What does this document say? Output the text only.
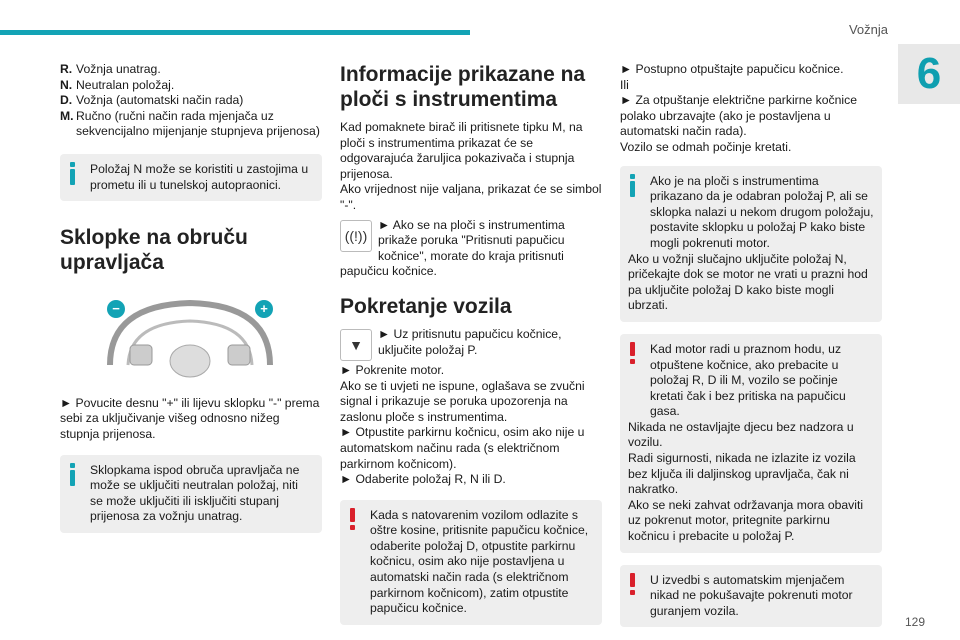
Vožnja
6
129
R. Vožnja unatrag.
N. Neutralan položaj.
D. Vožnja (automatski način rada)
M. Ručno (ručni način rada mjenjača uz sekvencijalno mijenjanje stupnjeva prijenosa)
Položaj N može se koristiti u zastojima u prometu ili u tunelskoj autopraonici.
Sklopke na obruču upravljača
−	+

► Povucite desnu "+" ili lijevu sklopku "-" prema sebi za uključivanje višeg odnosno nižeg stupnja prijenosa.

Sklopkama ispod obruča upravljača ne može se uključiti neutralan položaj, niti se može uključiti ili isključiti stupanj prijenosa za vožnju unatrag.
Informacije prikazane na ploči s instrumentima

Kad pomaknete birač ili pritisnete tipku M, na ploči s instrumentima prikazat će se odgovarajuća žaruljica pokazivača i stupnja prijenosa.

Ako vrijednost nije valjana, prikazat će se simbol "-".

((!))

► Ako se na ploči s instrumentima prikaže poruka "Pritisnuti papučicu kočnice", morate do kraja pritisnuti papučicu kočnice.

Pokretanje vozila
▼

► Uz pritisnutu papučicu kočnice, uključite položaj P.

► Pokrenite motor.

Ako se ti uvjeti ne ispune, oglašava se zvučni signal i prikazuje se poruka upozorenja na zaslonu ploče s instrumentima.

► Otpustite parkirnu kočnicu, osim ako nije u automatskom načinu rada (s električnom parkirnom kočnicom).

► Odaberite položaj R, N ili D.

Kada s natovarenim vozilom odlazite s oštre kosine, pritisnite papučicu kočnice, odaberite položaj D, otpustite parkirnu kočnicu, osim ako nije postavljena u automatski način rada (s električnom parkirnom kočnicom), zatim otpustite papučicu kočnice.

► Postupno otpuštajte papučicu kočnice.

Ili

► Za otpuštanje električne parkirne kočnice polako ubrzavajte (ako je postavljena u automatski način rada).

Vozilo se odmah počinje kretati.

Ako je na ploči s instrumentima prikazano da je odabran položaj P, ali se sklopka nalazi u nekom drugom položaju, postavite sklopku u položaj P kako biste mogli pokrenuti motor.
Ako u vožnji slučajno uključite položaj N, pričekajte dok se motor ne vrati u prazni hod pa uključite položaj D kako biste mogli ubrzati.
Kad motor radi u praznom hodu, uz otpuštene kočnice, ako prebacite u položaj R, D ili M, vozilo se počinje kretati čak i bez pritiska na papučicu gasa.
Nikada ne ostavljajte djecu bez nadzora u vozilu.
Radi sigurnosti, nikada ne izlazite iz vozila bez ključa ili daljinskog upravljača, čak ni nakratko.
Ako se neki zahvat održavanja mora obaviti uz pokrenut motor, pritegnite parkirnu kočnicu i prebacite u položaj P.
U izvedbi s automatskim mjenjačem nikad ne pokušavajte pokrenuti motor guranjem vozila.
